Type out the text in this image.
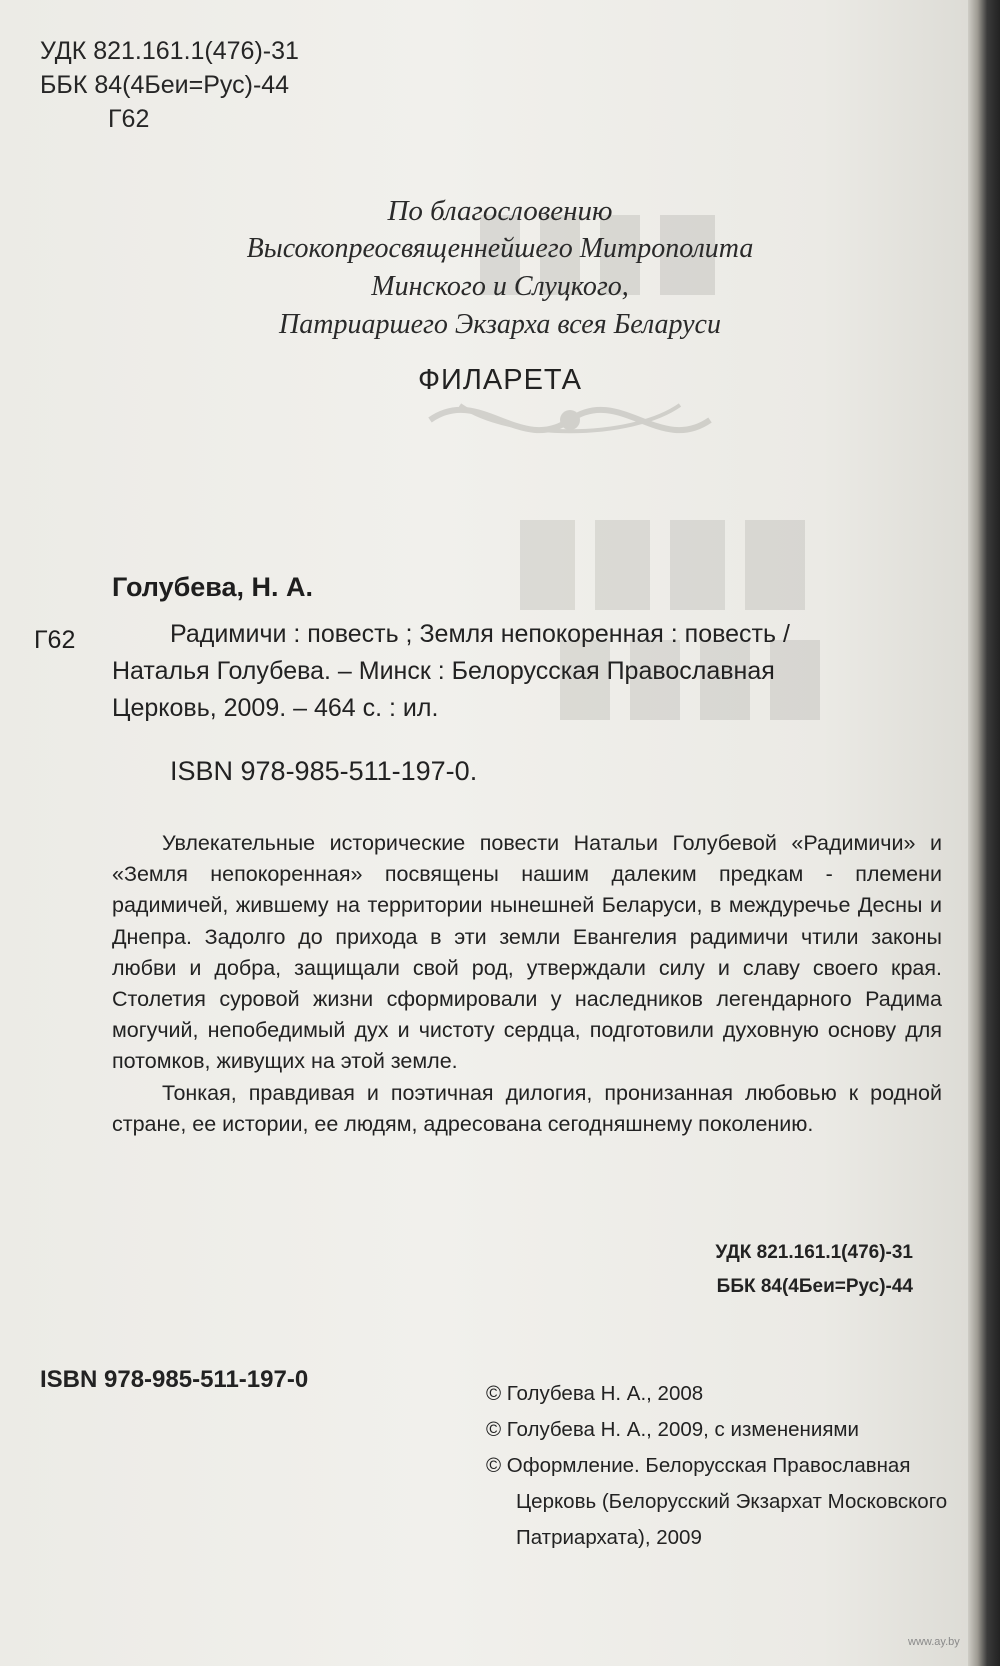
УДК 821.161.1(476)-31
ББК 84(4Беи=Рус)-44
Г62
По благословению
Высокопреосвященнейшего Митрополита
Минского и Слуцкого,
Патриаршего Экзарха всея Беларуси
ФИЛАРЕТА
Голубева, Н. А.
Г62	Радимичи : повесть ; Земля непокоренная : повесть /
Наталья Голубева. – Минск : Белорусская Православная
Церковь, 2009. – 464 с. : ил.
ISBN 978-985-511-197-0.

Увлекательные исторические повести Натальи Голубевой «Радимичи» и «Земля непокоренная» посвящены нашим далеким предкам - племени радимичей, жившему на территории нынешней Беларуси, в междуречье Десны и Днепра. Задолго до прихода в эти земли Евангелия радимичи чтили законы любви и добра, защищали свой род, утверждали силу и славу своего края. Столетия суровой жизни сформировали у наследников легендарного Радима могучий, непобедимый дух и чистоту сердца, подготовили духовную основу для потомков, живущих на этой земле.

Тонкая, правдивая и поэтичная дилогия, пронизанная любовью к родной стране, ее истории, ее людям, адресована сегодняшнему поколению.

УДК 821.161.1(476)-31
ББК 84(4Беи=Рус)-44
ISBN 978-985-511-197-0
© Голубева Н. А., 2008
© Голубева Н. А., 2009, с изменениями
© Оформление. Белорусская Православная
Церковь (Белорусский Экзархат Московского
Патриархата), 2009
www.ay.by
